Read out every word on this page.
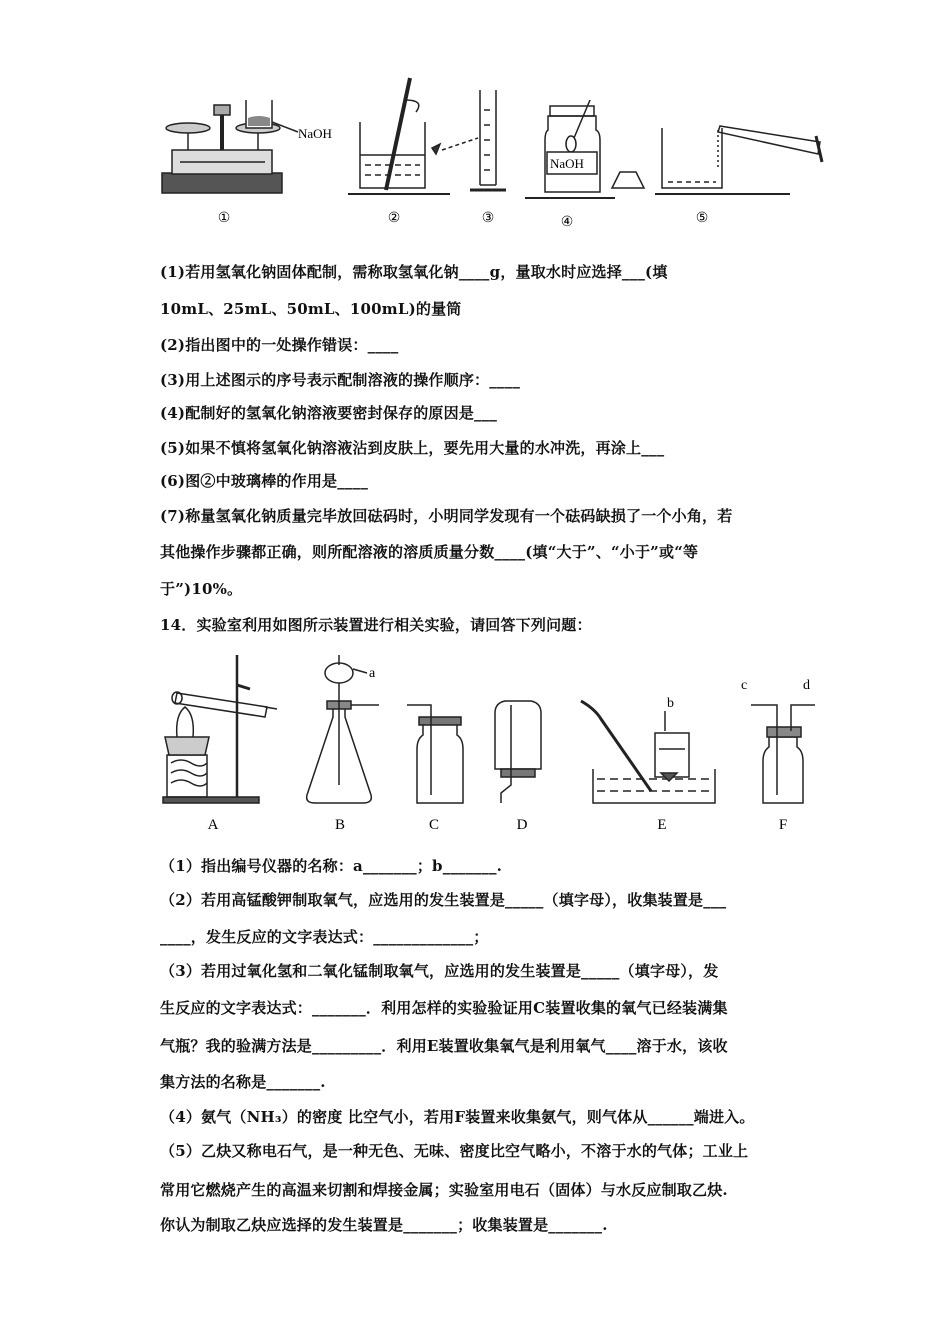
NaOH
NaOH
①	②	③	④	⑤
(1)若用氢氧化钠固体配制，需称取氢氧化钠____g，量取水时应选择___(填
10mL、25mL、50mL、100mL)的量筒
(2)指出图中的一处操作错误：____
(3)用上述图示的序号表示配制溶液的操作顺序：____
(4)配制好的氢氧化钠溶液要密封保存的原因是___
(5)如果不慎将氢氧化钠溶液沾到皮肤上，要先用大量的水冲洗，再涂上___
(6)图②中玻璃棒的作用是____
(7)称量氢氧化钠质量完毕放回砝码时，小明同学发现有一个砝码缺损了一个小角，若
其他操作步骤都正确，则所配溶液的溶质质量分数____(填“大于”、“小于”或“等
于”)10%。
14．实验室利用如图所示装置进行相关实验，请回答下列问题：
a
b
c	d
A	B	C	D	E	F
（1）指出编号仪器的名称：a_______；b_______.
（2）若用高锰酸钾制取氧气，应选用的发生装置是_____（填字母），收集装置是___
____，发生反应的文字表达式：_____________；
（3）若用过氧化氢和二氧化锰制取氧气，应选用的发生装置是_____（填字母），发
生反应的文字表达式：_______．利用怎样的实验验证用C装置收集的氧气已经装满集
气瓶？我的验满方法是_________．利用E装置收集氧气是利用氧气____溶于水，该收
集方法的名称是_______.
（4）氨气（NH₃）的密度 比空气小，若用F装置来收集氨气，则气体从______端进入。
（5）乙炔又称电石气，是一种无色、无味、密度比空气略小，不溶于水的气体；工业上
常用它燃烧产生的高温来切割和焊接金属；实验室用电石（固体）与水反应制取乙炔.
你认为制取乙炔应选择的发生装置是_______；收集装置是_______.
